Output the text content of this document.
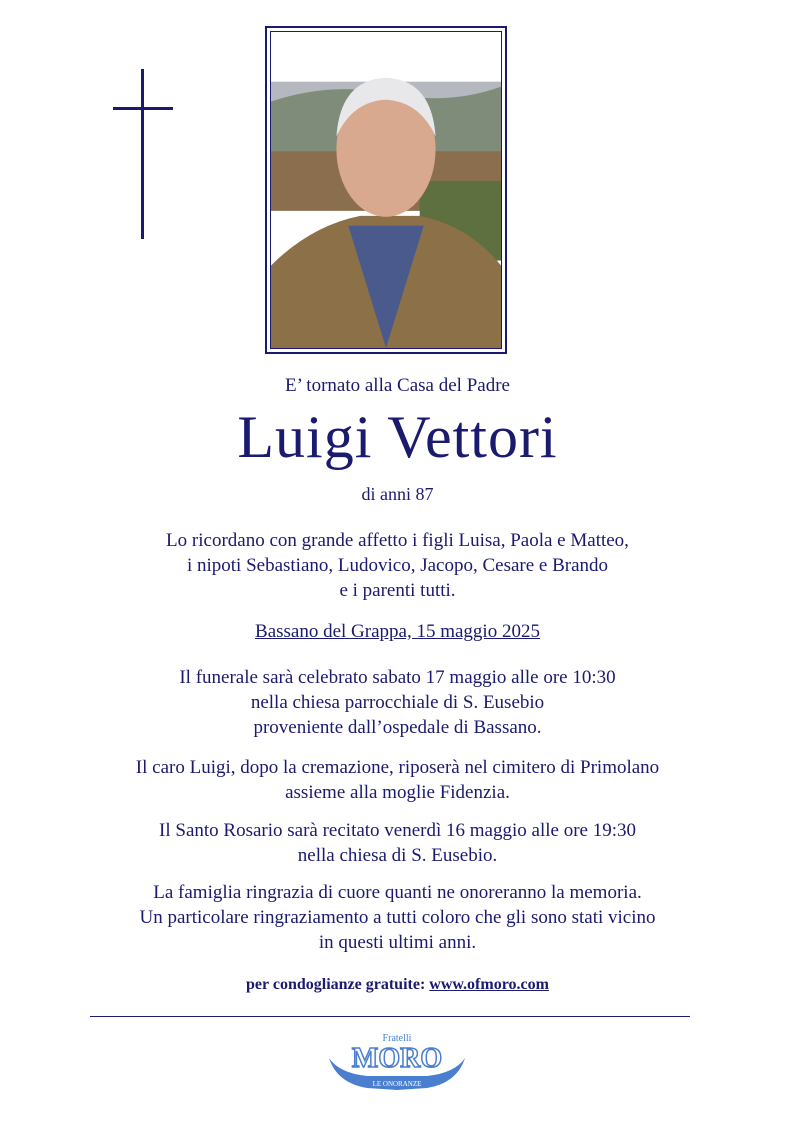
E’ tornato alla Casa del Padre
Luigi Vettori
di anni 87
Lo ricordano con grande affetto i figli Luisa, Paola e Matteo,
i nipoti Sebastiano, Ludovico, Jacopo, Cesare e Brando
e i parenti tutti.
Bassano del Grappa, 15 maggio 2025
Il funerale sarà celebrato sabato 17 maggio alle ore 10:30
nella chiesa parrocchiale di S. Eusebio
proveniente dall’ospedale di Bassano.
Il caro Luigi, dopo la cremazione, riposerà nel cimitero di Primolano
assieme alla moglie Fidenzia.
Il Santo Rosario sarà recitato venerdì 16 maggio alle ore 19:30
nella chiesa di S. Eusebio.
La famiglia ringrazia di cuore quanti ne onoreranno la memoria.
Un particolare ringraziamento a tutti coloro che gli sono stati vicino
in questi ultimi anni.
per condoglianze gratuite: www.ofmoro.com
Fratelli
MORO
LE ONORANZE
